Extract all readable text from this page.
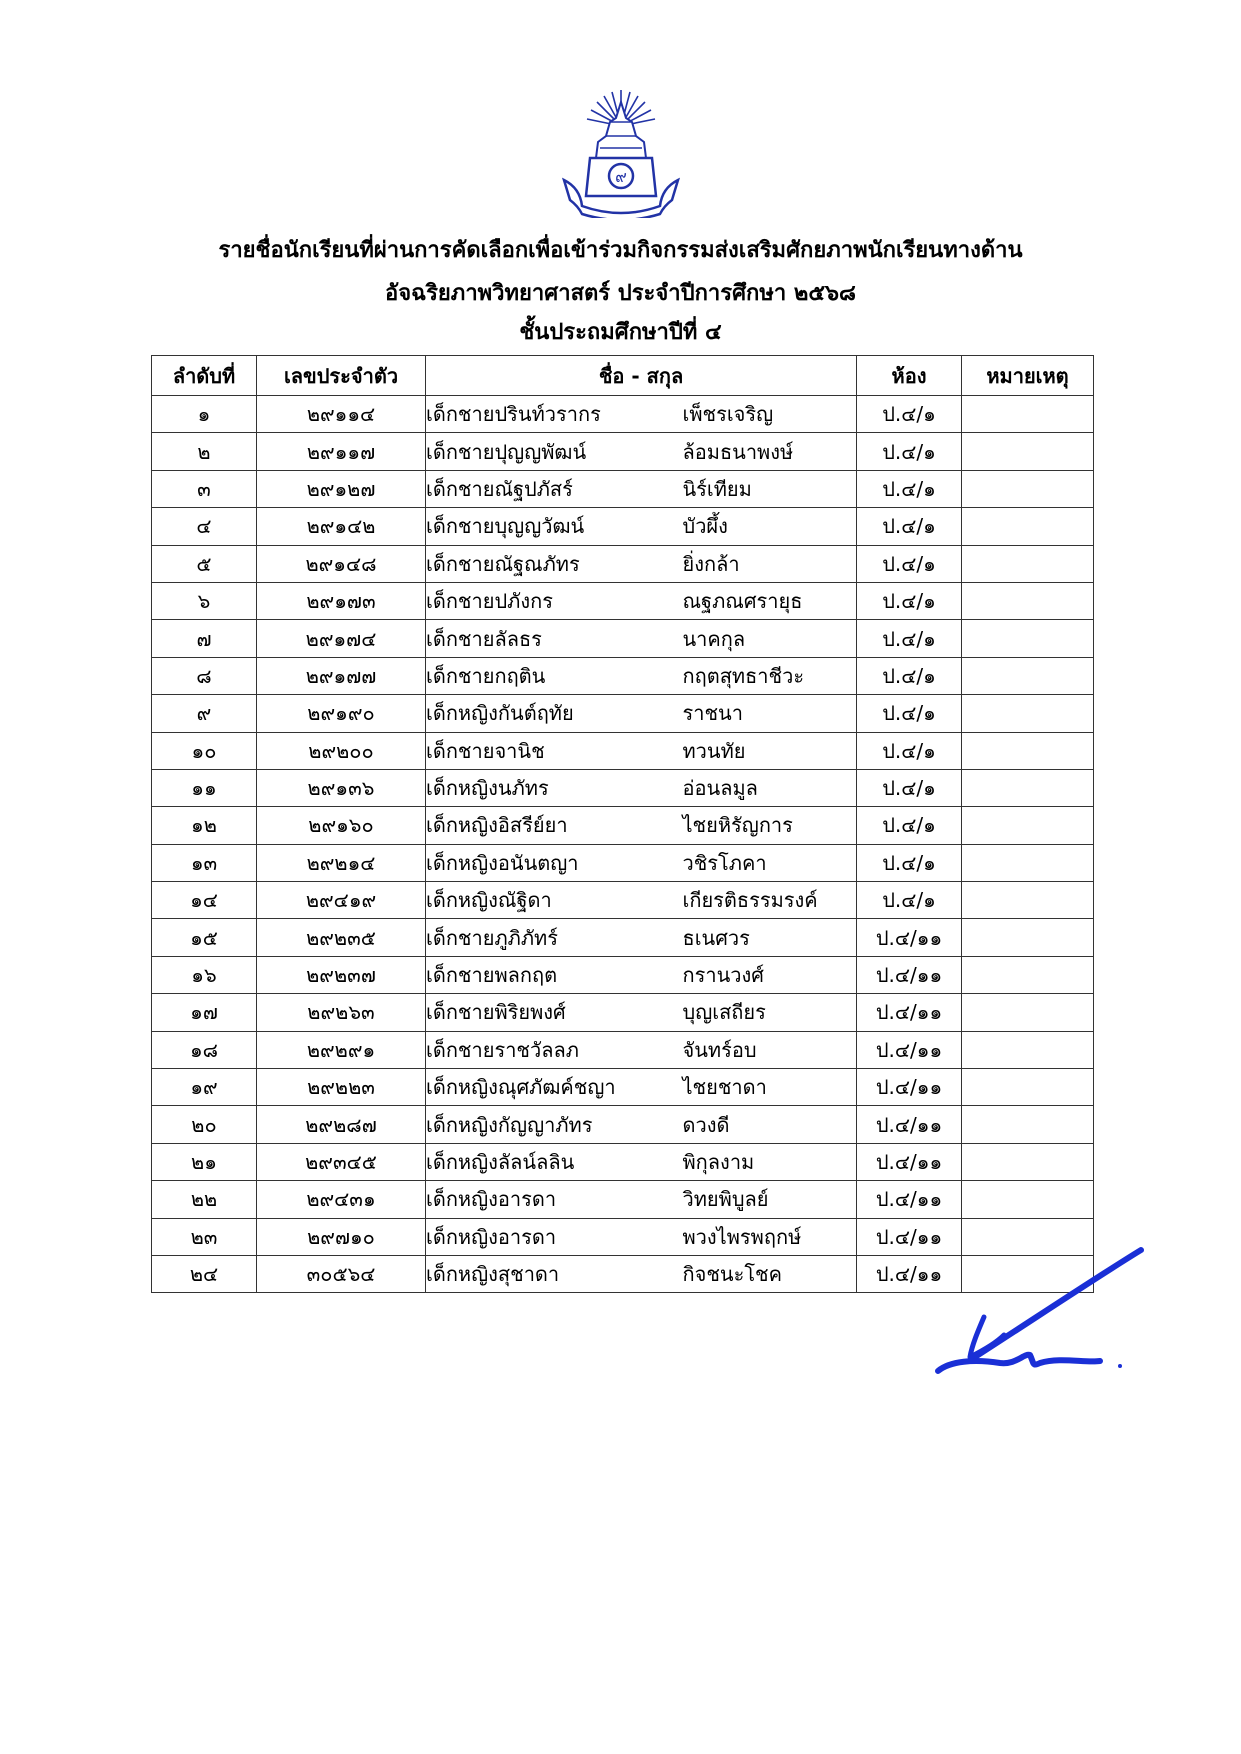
๙
รายชื่อนักเรียนที่ผ่านการคัดเลือกเพื่อเข้าร่วมกิจกรรมส่งเสริมศักยภาพนักเรียนทางด้าน
อัจฉริยภาพวิทยาศาสตร์ ประจำปีการศึกษา ๒๕๖๘
ชั้นประถมศึกษาปีที่ ๔
ลำดับที่	เลขประจำตัว	ชื่อ - สกุล		ห้อง	หมายเหตุ
๑	๒๙๑๑๔	เด็กชายปรินท์วรากร	เพ็ชรเจริญ	ป.๔/๑	
๒	๒๙๑๑๗	เด็กชายปุญญพัฒน์	ล้อมธนาพงษ์	ป.๔/๑	
๓	๒๙๑๒๗	เด็กชายณัฐปภัสร์	นิร์เทียม	ป.๔/๑	
๔	๒๙๑๔๒	เด็กชายบุญญวัฒน์	บัวผึ้ง	ป.๔/๑	
๕	๒๙๑๔๘	เด็กชายณัฐณภัทร	ยิ่งกล้า	ป.๔/๑	
๖	๒๙๑๗๓	เด็กชายปภังกร	ณฐภณศรายุธ	ป.๔/๑	
๗	๒๙๑๗๔	เด็กชายลัลธร	นาคกุล	ป.๔/๑	
๘	๒๙๑๗๗	เด็กชายกฤติน	กฤตสุทธาชีวะ	ป.๔/๑	
๙	๒๙๑๙๐	เด็กหญิงกันต์ฤทัย	ราชนา	ป.๔/๑	
๑๐	๒๙๒๐๐	เด็กชายจานิช	ทวนทัย	ป.๔/๑	
๑๑	๒๙๑๓๖	เด็กหญิงนภัทร	อ่อนลมูล	ป.๔/๑	
๑๒	๒๙๑๖๐	เด็กหญิงอิสรีย์ยา	ไชยหิรัญการ	ป.๔/๑	
๑๓	๒๙๒๑๔	เด็กหญิงอนันตญา	วชิรโภคา	ป.๔/๑	
๑๔	๒๙๔๑๙	เด็กหญิงณัฐิดา	เกียรติธรรมรงค์	ป.๔/๑	
๑๕	๒๙๒๓๕	เด็กชายภูภิภัทร์	ธเนศวร	ป.๔/๑๑	
๑๖	๒๙๒๓๗	เด็กชายพลกฤต	กรานวงศ์	ป.๔/๑๑	
๑๗	๒๙๒๖๓	เด็กชายพิริยพงศ์	บุญเสถียร	ป.๔/๑๑	
๑๘	๒๙๒๙๑	เด็กชายราชวัลลภ	จันทร์อบ	ป.๔/๑๑	
๑๙	๒๙๒๒๓	เด็กหญิงณุศภัฒค์ชญา	ไชยชาดา	ป.๔/๑๑	
๒๐	๒๙๒๘๗	เด็กหญิงกัญญาภัทร	ดวงดี	ป.๔/๑๑	
๒๑	๒๙๓๔๕	เด็กหญิงลัลน์ลลิน	พิกุลงาม	ป.๔/๑๑	
๒๒	๒๙๔๓๑	เด็กหญิงอารดา	วิทยพิบูลย์	ป.๔/๑๑	
๒๓	๒๙๗๑๐	เด็กหญิงอารดา	พวงไพรพฤกษ์	ป.๔/๑๑	
๒๔	๓๐๕๖๔	เด็กหญิงสุชาดา	กิจชนะโชค	ป.๔/๑๑	
